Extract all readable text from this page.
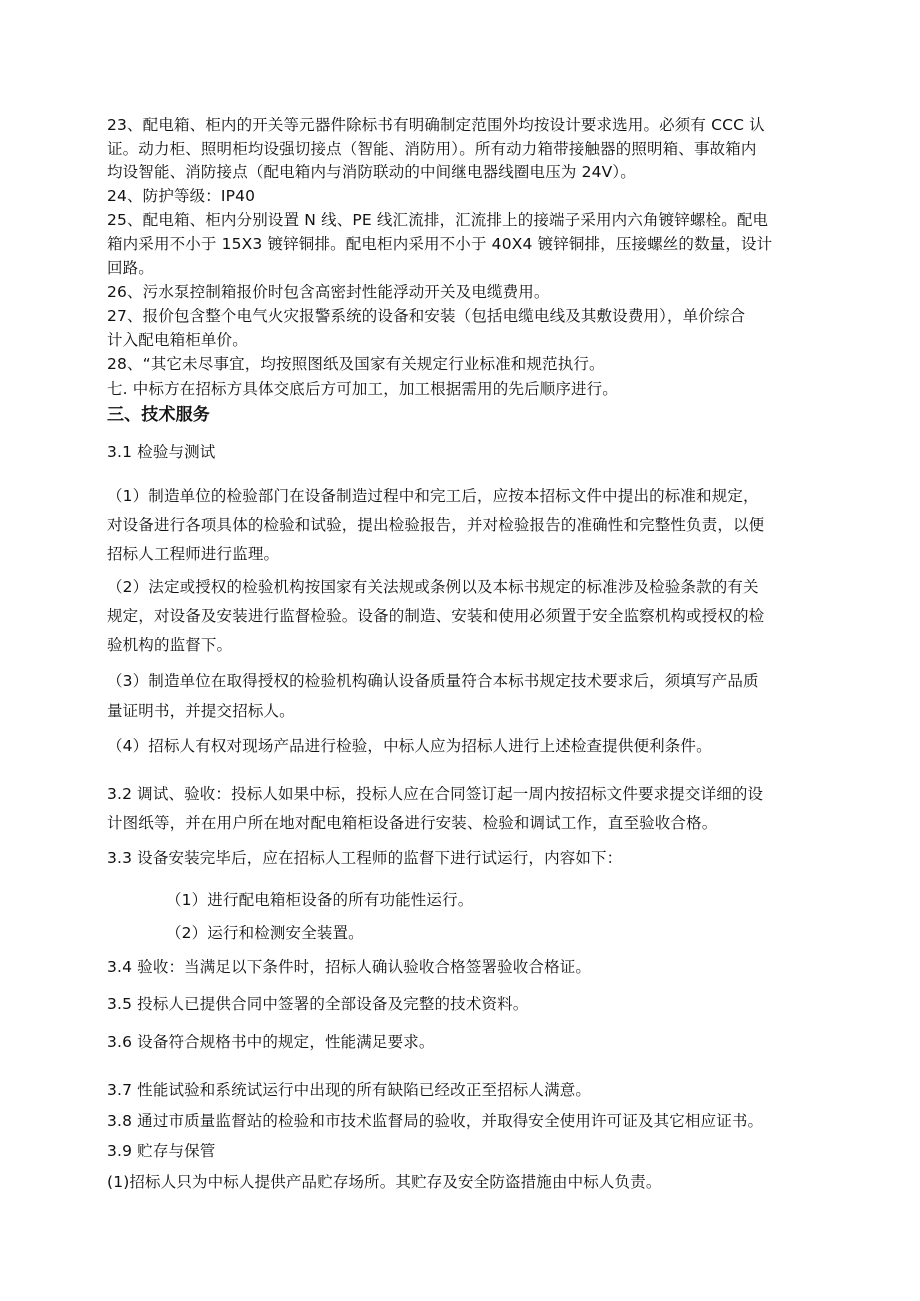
23、配电箱、柜内的开关等元器件除标书有明确制定范围外均按设计要求选用。必须有 CCC 认
证。动力柜、照明柜均设强切接点（智能、消防用）。所有动力箱带接触器的照明箱、事故箱内
均设智能、消防接点（配电箱内与消防联动的中间继电器线圈电压为 24V）。
24、防护等级：IP40
25、配电箱、柜内分别设置 N 线、PE 线汇流排，汇流排上的接端子采用内六角镀锌螺栓。配电
箱内采用不小于 15X3 镀锌铜排。配电柜内采用不小于 40X4 镀锌铜排，压接螺丝的数量，设计
回路。
26、污水泵控制箱报价时包含高密封性能浮动开关及电缆费用。
27、报价包含整个电气火灾报警系统的设备和安装（包括电缆电线及其敷设费用），单价综合
计入配电箱柜单价。
28、“其它未尽事宜，均按照图纸及国家有关规定行业标准和规范执行。
七. 中标方在招标方具体交底后方可加工，加工根据需用的先后顺序进行。
三、技术服务
3.1 检验与测试
（1）制造单位的检验部门在设备制造过程中和完工后，应按本招标文件中提出的标准和规定，
对设备进行各项具体的检验和试验，提出检验报告，并对检验报告的准确性和完整性负责，以便
招标人工程师进行监理。
（2）法定或授权的检验机构按国家有关法规或条例以及本标书规定的标准涉及检验条款的有关
规定，对设备及安装进行监督检验。设备的制造、安装和使用必须置于安全监察机构或授权的检
验机构的监督下。
（3）制造单位在取得授权的检验机构确认设备质量符合本标书规定技术要求后，须填写产品质
量证明书，并提交招标人。
（4）招标人有权对现场产品进行检验，中标人应为招标人进行上述检查提供便利条件。
3.2 调试、验收：投标人如果中标，投标人应在合同签订起一周内按招标文件要求提交详细的设
计图纸等，并在用户所在地对配电箱柜设备进行安装、检验和调试工作，直至验收合格。
3.3 设备安装完毕后，应在招标人工程师的监督下进行试运行，内容如下：
（1）进行配电箱柜设备的所有功能性运行。
（2）运行和检测安全装置。
3.4 验收：当满足以下条件时，招标人确认验收合格签署验收合格证。
3.5 投标人已提供合同中签署的全部设备及完整的技术资料。
3.6 设备符合规格书中的规定，性能满足要求。
3.7 性能试验和系统试运行中出现的所有缺陷已经改正至招标人满意。
3.8 通过市质量监督站的检验和市技术监督局的验收，并取得安全使用许可证及其它相应证书。
3.9 贮存与保管
(1)招标人只为中标人提供产品贮存场所。其贮存及安全防盗措施由中标人负责。
